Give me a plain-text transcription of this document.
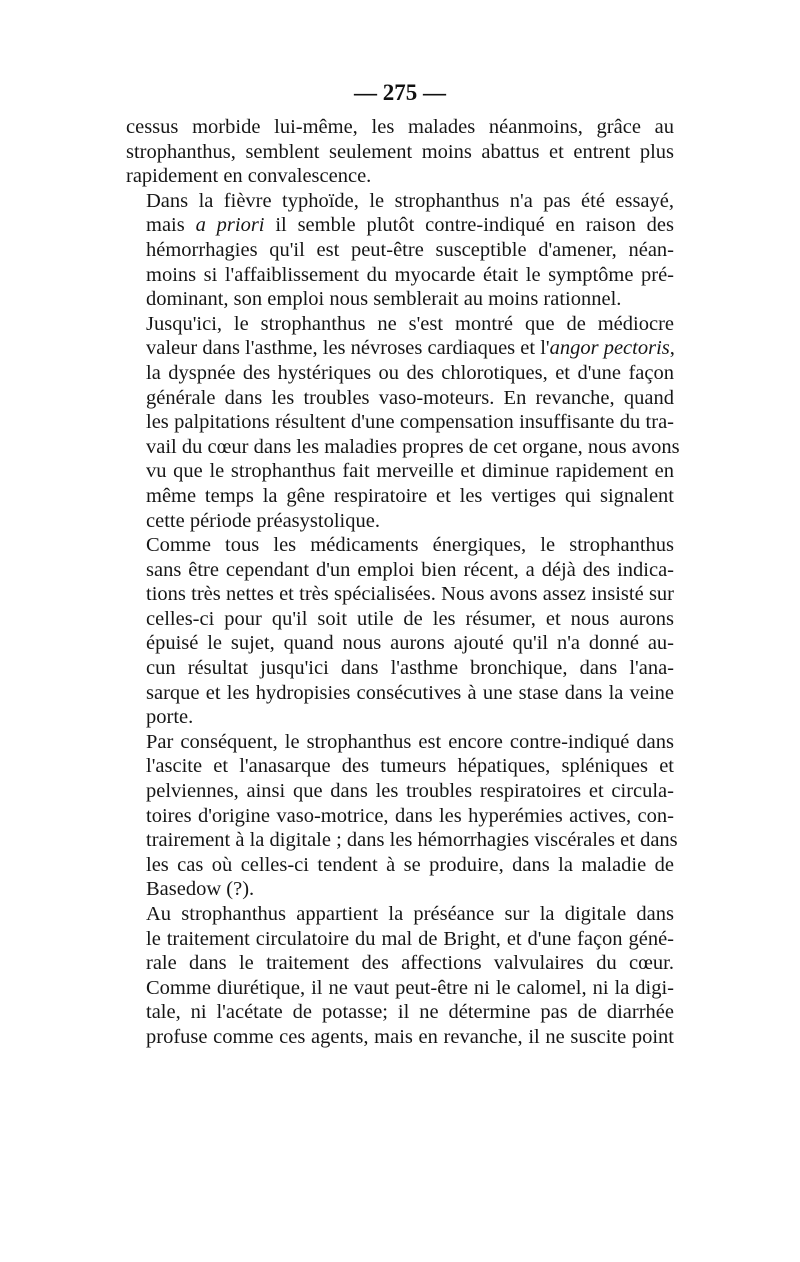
— 275 —
cessus morbide lui-même, les malades néanmoins, grâce au
strophanthus, semblent seulement moins abattus et entrent plus
rapidement en convalescence.
Dans la fièvre typhoïde, le strophanthus n'a pas été essayé,
mais a priori il semble plutôt contre-indiqué en raison des
hémorrhagies qu'il est peut-être susceptible d'amener, néan-
moins si l'affaiblissement du myocarde était le symptôme pré-
dominant, son emploi nous semblerait au moins rationnel.
Jusqu'ici, le strophanthus ne s'est montré que de médiocre
valeur dans l'asthme, les névroses cardiaques et l'angor pectoris,
la dyspnée des hystériques ou des chlorotiques, et d'une façon
générale dans les troubles vaso-moteurs. En revanche, quand
les palpitations résultent d'une compensation insuffisante du tra-
vail du cœur dans les maladies propres de cet organe, nous avons
vu que le strophanthus fait merveille et diminue rapidement en
même temps la gêne respiratoire et les vertiges qui signalent
cette période préasystolique.
Comme tous les médicaments énergiques, le strophanthus
sans être cependant d'un emploi bien récent, a déjà des indica-
tions très nettes et très spécialisées. Nous avons assez insisté sur
celles-ci pour qu'il soit utile de les résumer, et nous aurons
épuisé le sujet, quand nous aurons ajouté qu'il n'a donné au-
cun résultat jusqu'ici dans l'asthme bronchique, dans l'ana-
sarque et les hydropisies consécutives à une stase dans la veine
porte.
Par conséquent, le strophanthus est encore contre-indiqué dans
l'ascite et l'anasarque des tumeurs hépatiques, spléniques et
pelviennes, ainsi que dans les troubles respiratoires et circula-
toires d'origine vaso-motrice, dans les hyperémies actives, con-
trairement à la digitale ; dans les hémorrhagies viscérales et dans
les cas où celles-ci tendent à se produire, dans la maladie de
Basedow (?).
Au strophanthus appartient la préséance sur la digitale dans
le traitement circulatoire du mal de Bright, et d'une façon géné-
rale dans le traitement des affections valvulaires du cœur.
Comme diurétique, il ne vaut peut-être ni le calomel, ni la digi-
tale, ni l'acétate de potasse; il ne détermine pas de diarrhée
profuse comme ces agents, mais en revanche, il ne suscite point
